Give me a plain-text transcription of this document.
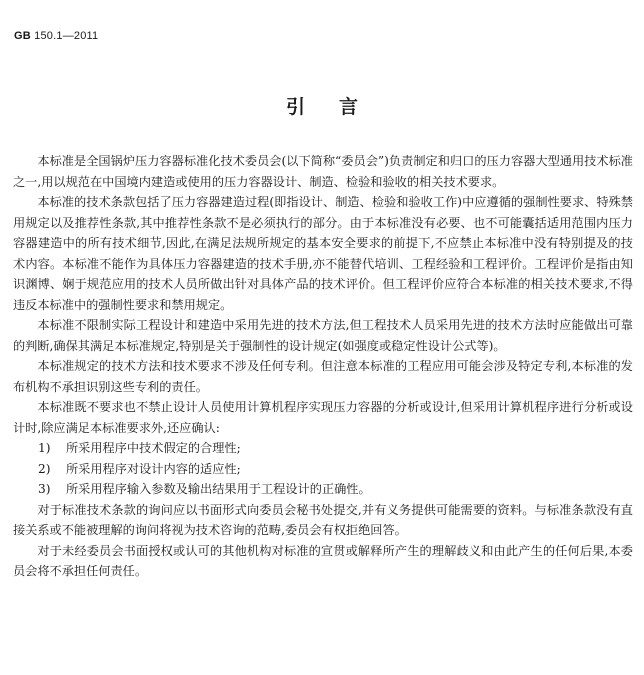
GB 150.1—2011
引言

本标准是全国锅炉压力容器标准化技术委员会(以下简称“委员会”)负责制定和归口的压力容器大型通用技术标准之一,用以规范在中国境内建造或使用的压力容器设计、制造、检验和验收的相关技术要求。

本标准的技术条款包括了压力容器建造过程(即指设计、制造、检验和验收工作)中应遵循的强制性要求、特殊禁用规定以及推荐性条款,其中推荐性条款不是必须执行的部分。由于本标准没有必要、也不可能囊括适用范围内压力容器建造中的所有技术细节,因此,在满足法规所规定的基本安全要求的前提下,不应禁止本标准中没有特别提及的技术内容。本标准不能作为具体压力容器建造的技术手册,亦不能替代培训、工程经验和工程评价。工程评价是指由知识渊博、娴于规范应用的技术人员所做出针对具体产品的技术评价。但工程评价应符合本标准的相关技术要求,不得违反本标准中的强制性要求和禁用规定。

本标准不限制实际工程设计和建造中采用先进的技术方法,但工程技术人员采用先进的技术方法时应能做出可靠的判断,确保其满足本标准规定,特别是关于强制性的设计规定(如强度或稳定性设计公式等)。

本标准规定的技术方法和技术要求不涉及任何专利。但注意本标准的工程应用可能会涉及特定专利,本标准的发布机构不承担识别这些专利的责任。

本标准既不要求也不禁止设计人员使用计算机程序实现压力容器的分析或设计,但采用计算机程序进行分析或设计时,除应满足本标准要求外,还应确认:

1) 所采用程序中技术假定的合理性;
2) 所采用程序对设计内容的适应性;
3) 所采用程序输入参数及输出结果用于工程设计的正确性。

对于标准技术条款的询问应以书面形式向委员会秘书处提交,并有义务提供可能需要的资料。与标准条款没有直接关系或不能被理解的询问将视为技术咨询的范畴,委员会有权拒绝回答。

对于未经委员会书面授权或认可的其他机构对标准的宣贯或解释所产生的理解歧义和由此产生的任何后果,本委员会将不承担任何责任。
